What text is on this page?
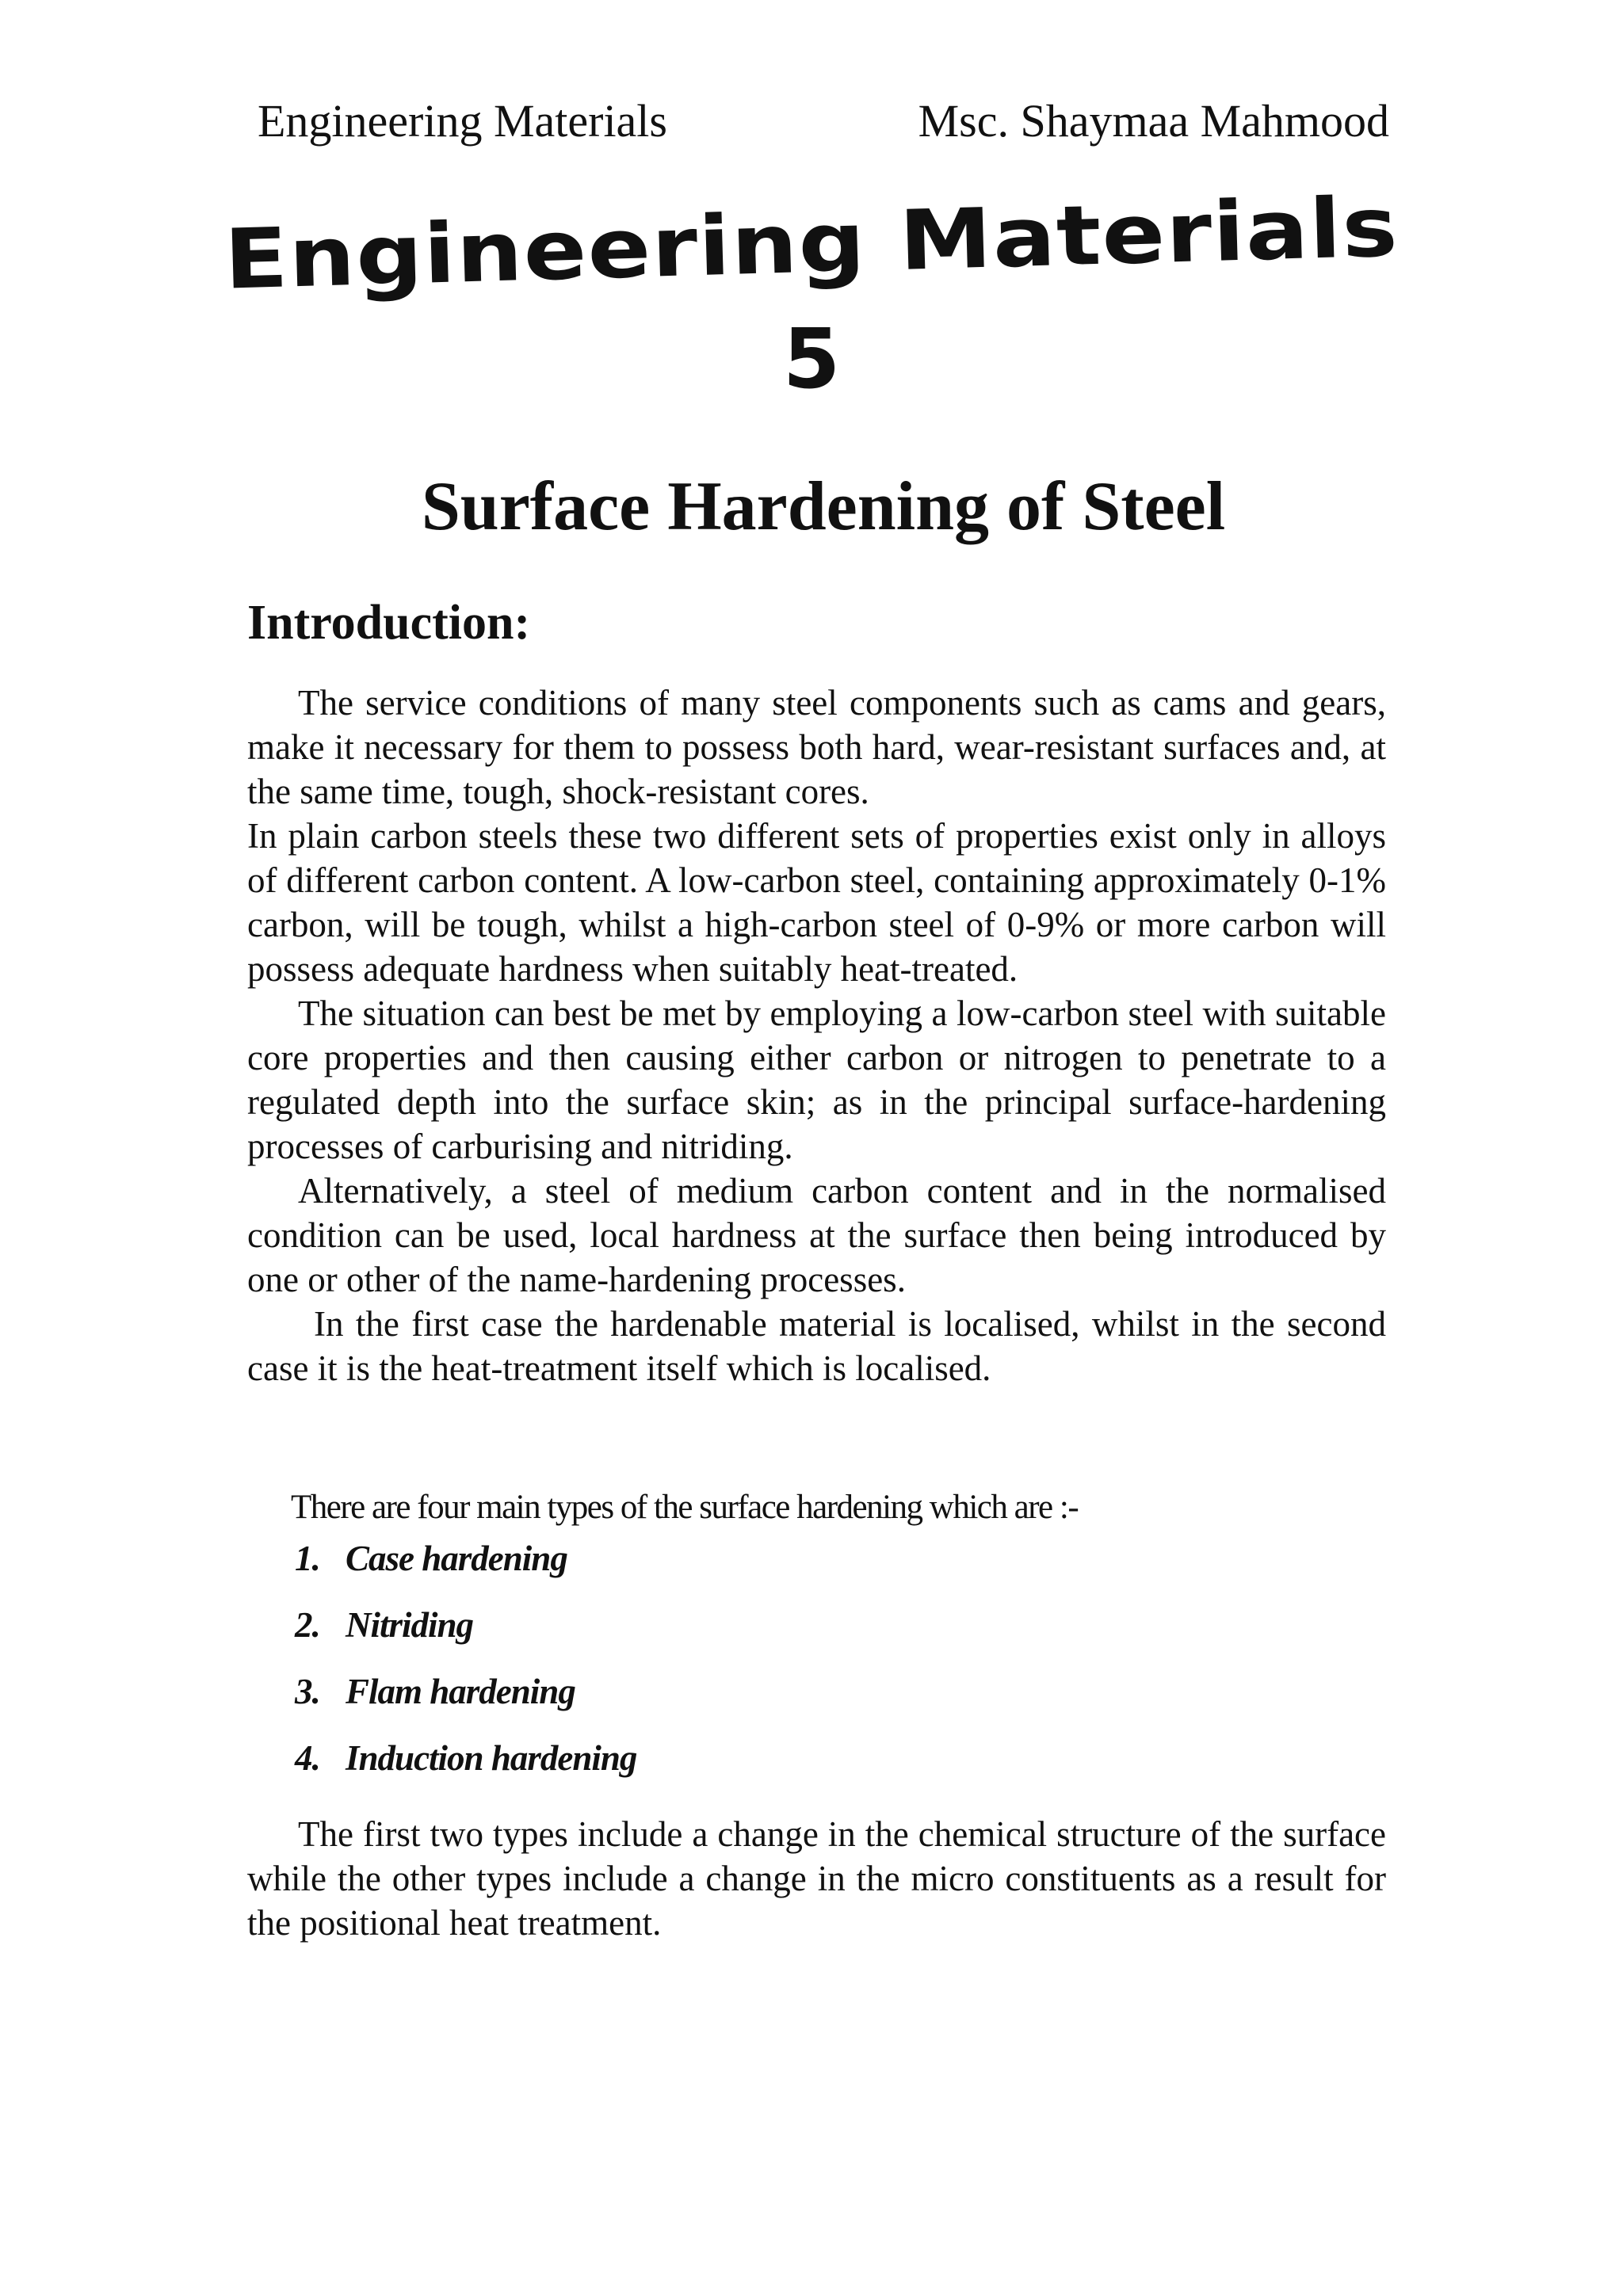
Engineering Materials	Msc. Shaymaa Mahmood
Engineering Materials
5
Surface Hardening of Steel
Introduction:

The service conditions of many steel components such as cams and gears, make it necessary for them to possess both hard, wear-resistant surfaces and, at the same time, tough, shock-resistant cores.

In plain carbon steels these two different sets of properties exist only in alloys of different carbon content. A low-carbon steel, containing approximately 0-1% carbon, will be tough, whilst a high-carbon steel of 0-9% or more carbon will possess adequate hardness when suitably heat-treated.

The situation can best be met by employing a low-carbon steel with suitable core properties and then causing either carbon or nitrogen to penetrate to a regulated depth into the surface skin; as in the principal surface-hardening processes of carburising and nitriding.

Alternatively, a steel of medium carbon content and in the normalised condition can be used, local hardness at the surface then being introduced by one or other of the name-hardening processes.

In the first case the hardenable material is localised, whilst in the second case it is the heat-treatment itself which is localised.

There are four main types of the surface hardening which are :-
1. Case hardening
2. Nitriding
3. Flam hardening
4. Induction hardening

The first two types include a change in the chemical structure of the surface while the other types include a change in the micro constituents as a result for the positional heat treatment.
